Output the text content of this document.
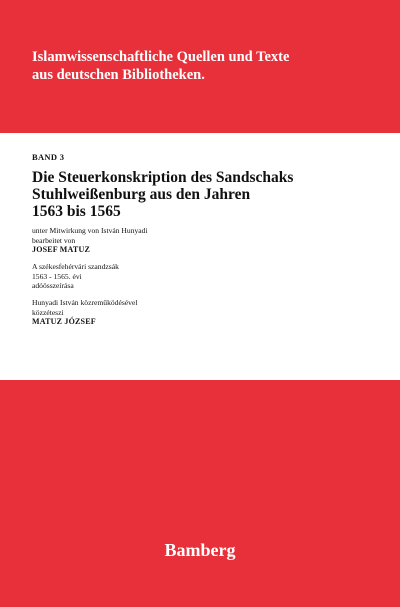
Islamwissenschaftliche Quellen und Texte
aus deutschen Bibliotheken.
BAND 3
Die Steuerkonskription des Sandschaks
Stuhlweißenburg aus den Jahren
1563 bis 1565
unter Mitwirkung von István Hunyadi
bearbeitet von
JOSEF MATUZ
A székesfehérvári szandzsák
1563 - 1565. évi
adóösszeírása
Hunyadi István közreműködésével
közzéteszi
MATUZ JÓZSEF
Bamberg
